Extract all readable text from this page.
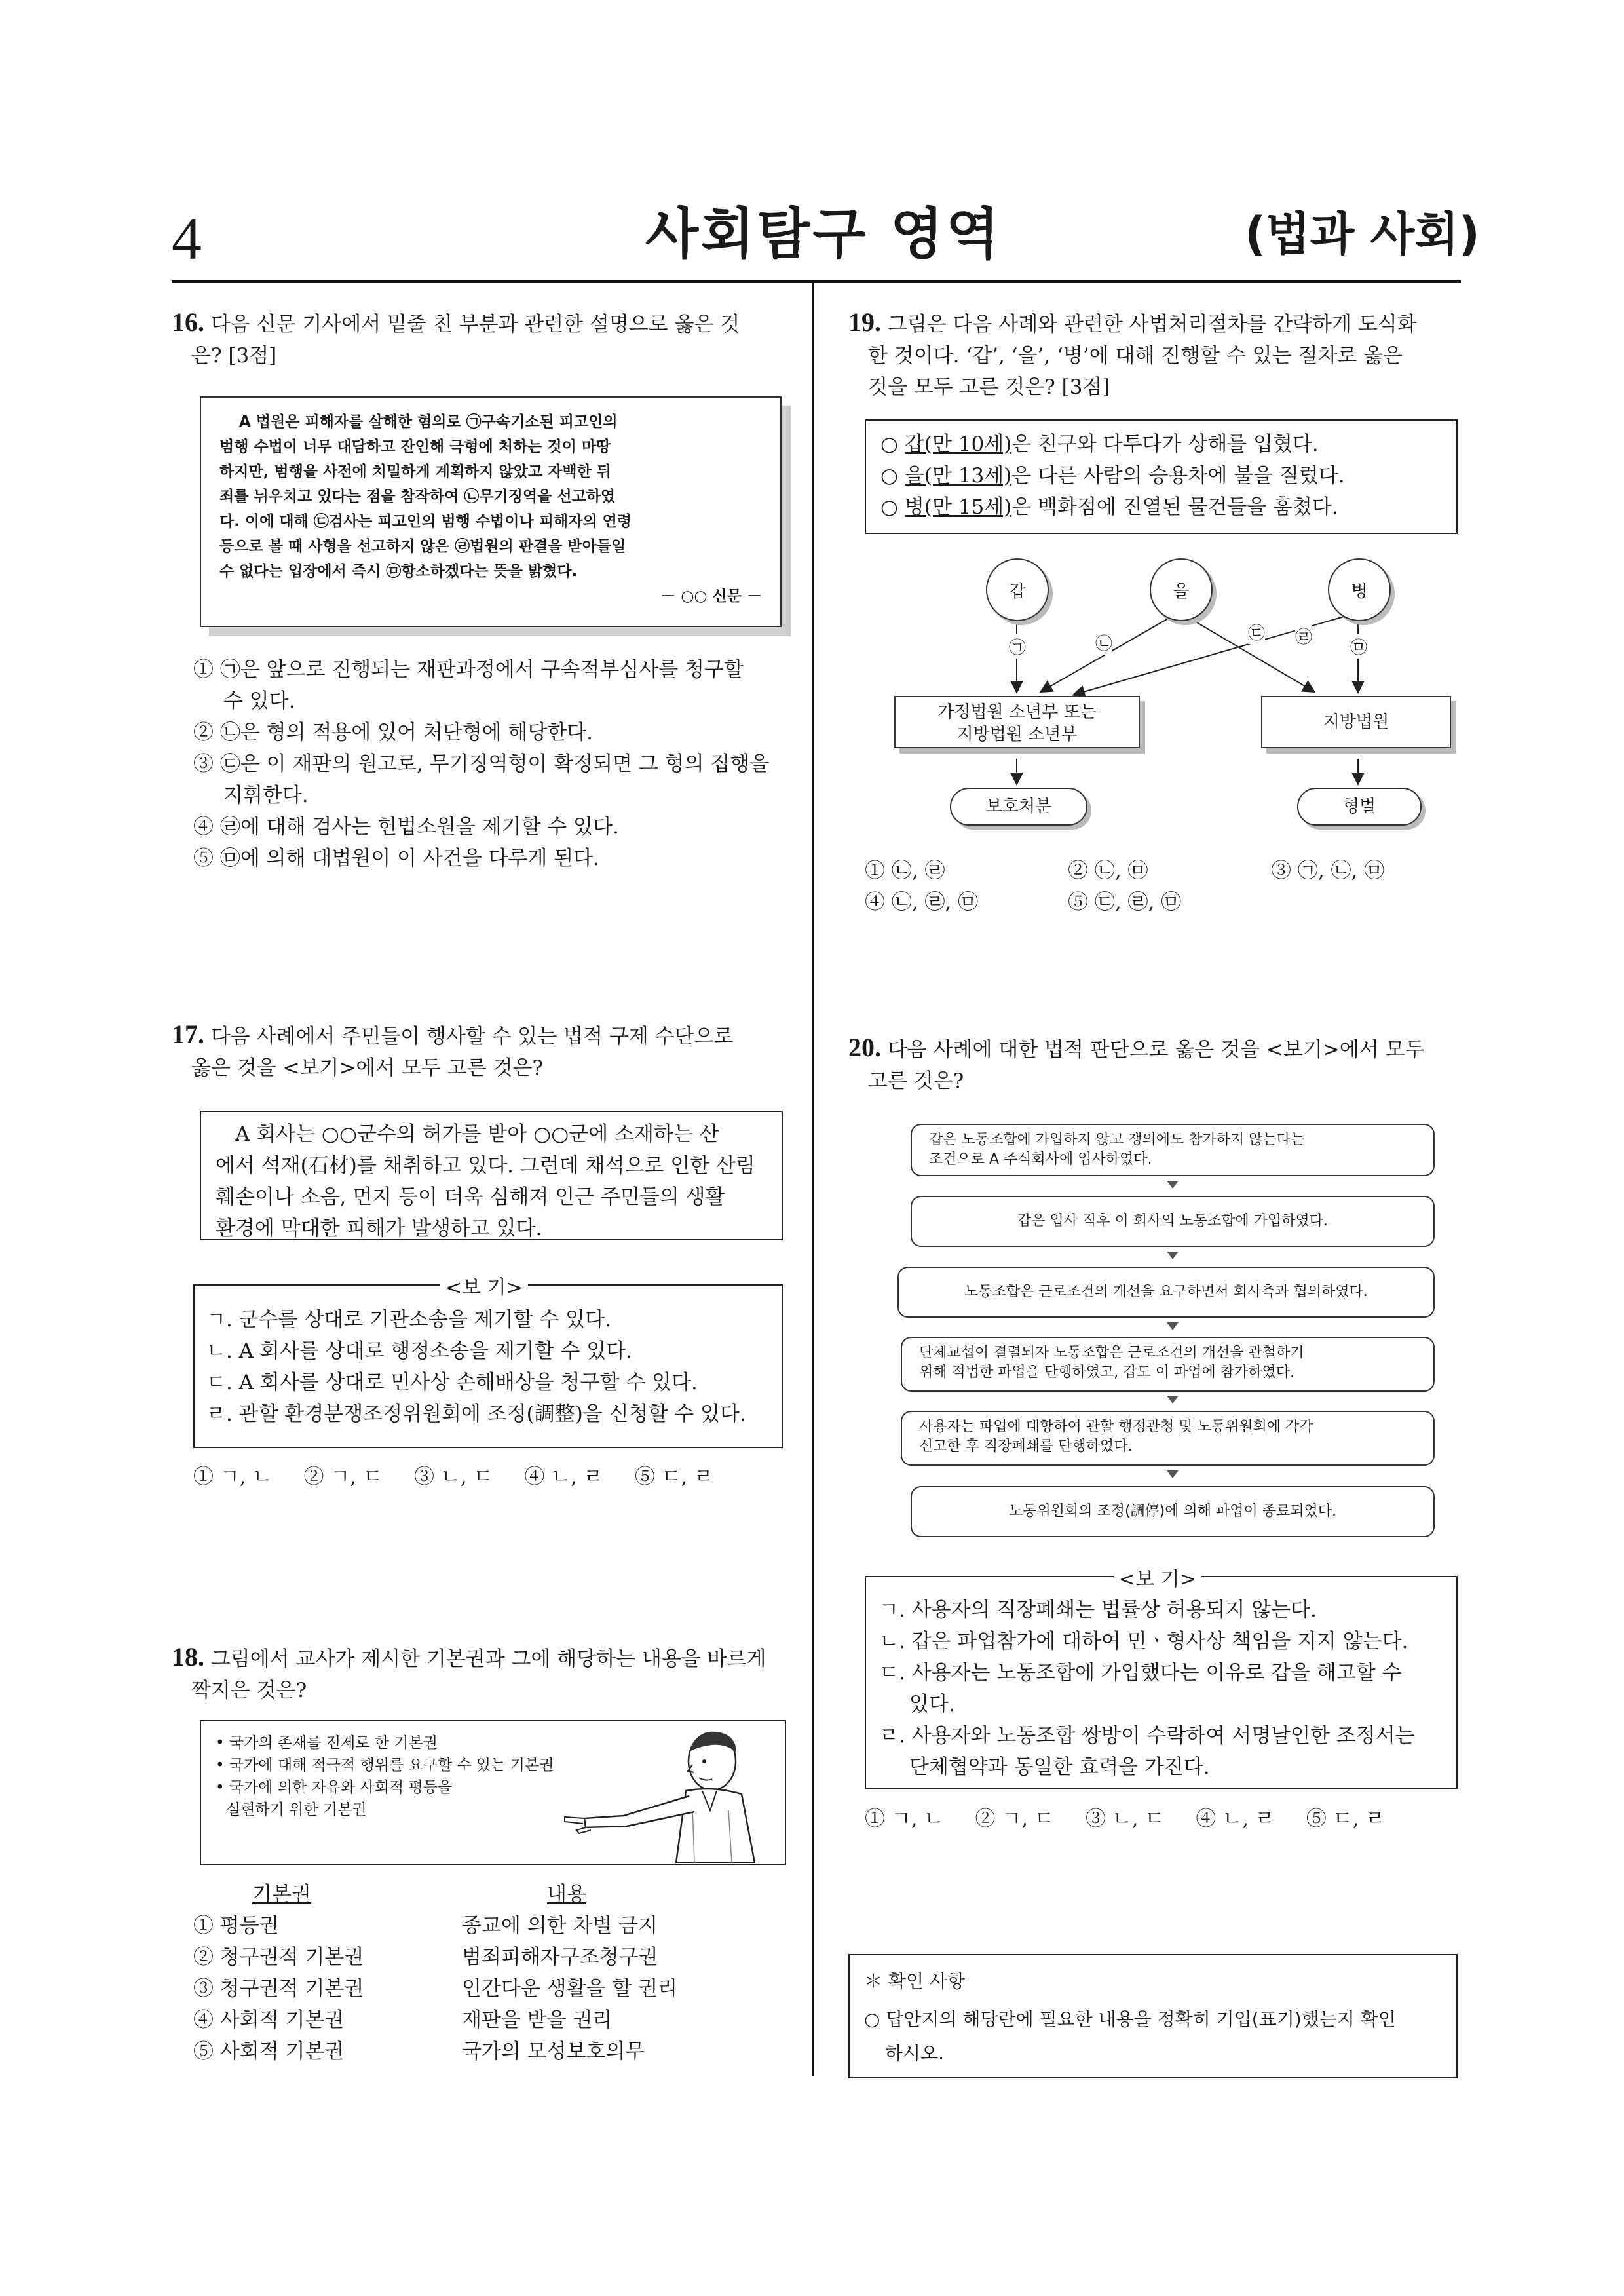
4	사회탐구 영역	(법과 사회)
16. 다음 신문 기사에서 밑줄 친 부분과 관련한 설명으로 옳은 것
은? [3점]

A 법원은 피해자를 살해한 혐의로 ㉠구속기소된 피고인의

범행 수법이 너무 대담하고 잔인해 극형에 처하는 것이 마땅

하지만, 범행을 사전에 치밀하게 계획하지 않았고 자백한 뒤

죄를 뉘우치고 있다는 점을 참작하여 ㉡무기징역을 선고하였

다. 이에 대해 ㉢검사는 피고인의 범행 수법이나 피해자의 연령

등으로 볼 때 사형을 선고하지 않은 ㉣법원의 판결을 받아들일

수 없다는 입장에서 즉시 ㉤항소하겠다는 뜻을 밝혔다.

－ ○○ 신문 －

① ㉠은 앞으로 진행되는 재판과정에서 구속적부심사를 청구할
수 있다.
② ㉡은 형의 적용에 있어 처단형에 해당한다.
③ ㉢은 이 재판의 원고로, 무기징역형이 확정되면 그 형의 집행을
지휘한다.
④ ㉣에 대해 검사는 헌법소원을 제기할 수 있다.
⑤ ㉤에 의해 대법원이 이 사건을 다루게 된다.
17. 다음 사례에서 주민들이 행사할 수 있는 법적 구제 수단으로
옳은 것을 <보기>에서 모두 고른 것은?
A 회사는 ○○군수의 허가를 받아 ○○군에 소재하는 산
에서 석재(石材)를 채취하고 있다. 그런데 채석으로 인한 산림
훼손이나 소음, 먼지 등이 더욱 심해져 인근 주민들의 생활
환경에 막대한 피해가 발생하고 있다.
ㄱ. 군수를 상대로 기관소송을 제기할 수 있다.
ㄴ. A 회사를 상대로 행정소송을 제기할 수 있다.
ㄷ. A 회사를 상대로 민사상 손해배상을 청구할 수 있다.
ㄹ. 관할 환경분쟁조정위원회에 조정(調整)을 신청할 수 있다.
<보 기>
① ㄱ, ㄴ ② ㄱ, ㄷ ③ ㄴ, ㄷ ④ ㄴ, ㄹ ⑤ ㄷ, ㄹ
18. 그림에서 교사가 제시한 기본권과 그에 해당하는 내용을 바르게
짝지은 것은?
• 국가의 존재를 전제로 한 기본권
• 국가에 대해 적극적 행위를 요구할 수 있는 기본권
• 국가에 의한 자유와 사회적 평등을
실현하기 위한 기본권
기본권	내용
① 평등권	종교에 의한 차별 금지
② 청구권적 기본권	범죄피해자구조청구권
③ 청구권적 기본권	인간다운 생활을 할 권리
④ 사회적 기본권	재판을 받을 권리
⑤ 사회적 기본권	국가의 모성보호의무
19. 그림은 다음 사례와 관련한 사법처리절차를 간략하게 도식화
한 것이다. ‘갑’, ‘을’, ‘병’에 대해 진행할 수 있는 절차로 옳은
것을 모두 고른 것은? [3점]
○ 갑(만 10세)은 친구와 다투다가 상해를 입혔다.
○ 을(만 13세)은 다른 사람의 승용차에 불을 질렀다.
○ 병(만 15세)은 백화점에 진열된 물건들을 훔쳤다.
갑	을	병
㉠	㉡
㉢ ㉣
㉤
가정법원 소년부 또는
지방법원 소년부
지방법원
보호처분	형벌
① ㉡, ㉣	② ㉡, ㉤	③ ㉠, ㉡, ㉤
④ ㉡, ㉣, ㉤	⑤ ㉢, ㉣, ㉤
20. 다음 사례에 대한 법적 판단으로 옳은 것을 <보기>에서 모두
고른 것은?
갑은 노동조합에 가입하지 않고 쟁의에도 참가하지 않는다는
조건으로 A 주식회사에 입사하였다.
갑은 입사 직후 이 회사의 노동조합에 가입하였다.
노동조합은 근로조건의 개선을 요구하면서 회사측과 협의하였다.
단체교섭이 결렬되자 노동조합은 근로조건의 개선을 관철하기
위해 적법한 파업을 단행하였고, 갑도 이 파업에 참가하였다.
사용자는 파업에 대항하여 관할 행정관청 및 노동위원회에 각각
신고한 후 직장폐쇄를 단행하였다.
노동위원회의 조정(調停)에 의해 파업이 종료되었다.
ㄱ. 사용자의 직장폐쇄는 법률상 허용되지 않는다.
ㄴ. 갑은 파업참가에 대하여 민ㆍ형사상 책임을 지지 않는다.
ㄷ. 사용자는 노동조합에 가입했다는 이유로 갑을 해고할 수
있다.
ㄹ. 사용자와 노동조합 쌍방이 수락하여 서명날인한 조정서는
단체협약과 동일한 효력을 가진다.
<보 기>
① ㄱ, ㄴ ② ㄱ, ㄷ ③ ㄴ, ㄷ ④ ㄴ, ㄹ ⑤ ㄷ, ㄹ
＊ 확인 사항
○ 답안지의 해당란에 필요한 내용을 정확히 기입(표기)했는지 확인
하시오.
